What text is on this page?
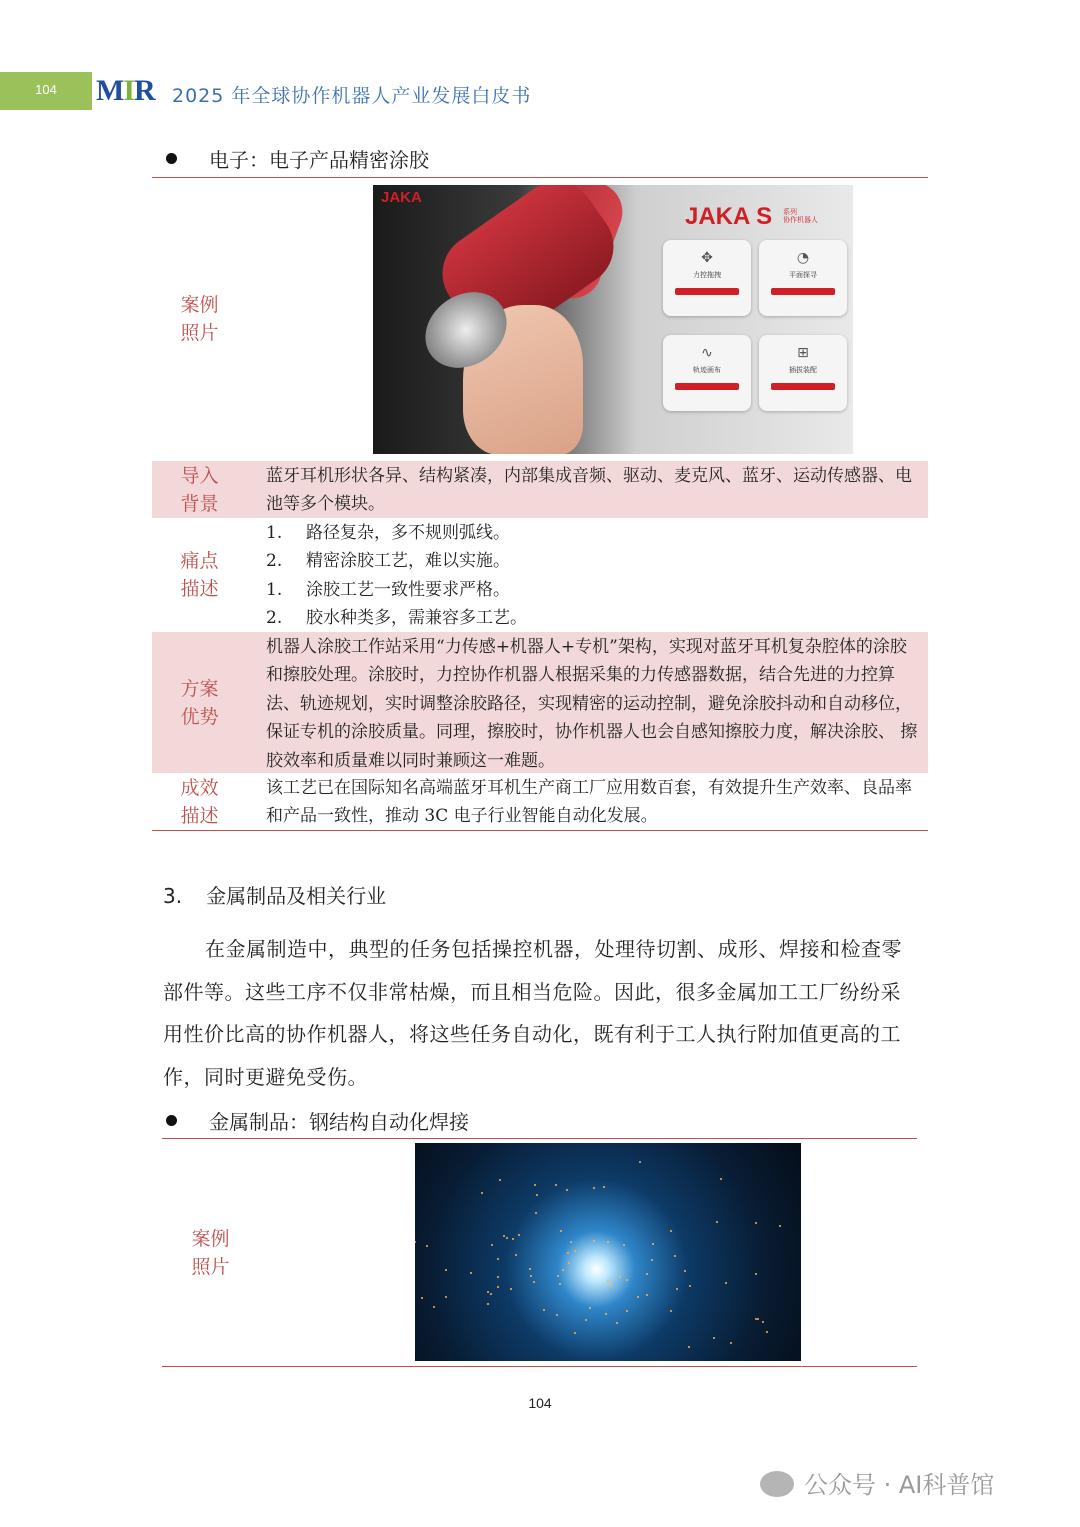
104	MIR 2025 年全球协作机器人产业发展白皮书
电子：电子产品精密涂胶
案例
照片
JAKA
JAKA S 系列
协作机器人
✥
力控拖拽
◔
平面探寻
∿
轨迹画布
⊞
插拔装配
导入
背景
蓝牙耳机形状各异、结构紧凑，内部集成音频、驱动、麦克风、蓝牙、运动传感器、电池等多个模块。
痛点
描述
1. 路径复杂，多不规则弧线。
2. 精密涂胶工艺，难以实施。
1. 涂胶工艺一致性要求严格。
2. 胶水种类多，需兼容多工艺。
方案
优势
机器人涂胶工作站采用“力传感+机器人+专机”架构，实现对蓝牙耳机复杂腔体的涂胶和擦胶处理。涂胶时，力控协作机器人根据采集的力传感器数据，结合先进的力控算法、轨迹规划，实时调整涂胶路径，实现精密的运动控制，避免涂胶抖动和自动移位，保证专机的涂胶质量。同理，擦胶时，协作机器人也会自感知擦胶力度，解决涂胶、 擦胶效率和质量难以同时兼顾这一难题。
成效
描述
该工艺已在国际知名高端蓝牙耳机生产商工厂应用数百套，有效提升生产效率、良品率和产品一致性，推动 3C 电子行业智能自动化发展。
3. 金属制品及相关行业
在金属制造中，典型的任务包括操控机器，处理待切割、成形、焊接和检查零部件等。这些工序不仅非常枯燥，而且相当危险。因此，很多金属加工工厂纷纷采用性价比高的协作机器人，将这些任务自动化，既有利于工人执行附加值更高的工作，同时更避免受伤。
金属制品：钢结构自动化焊接
案例
照片
104
公众号 · AI科普馆
